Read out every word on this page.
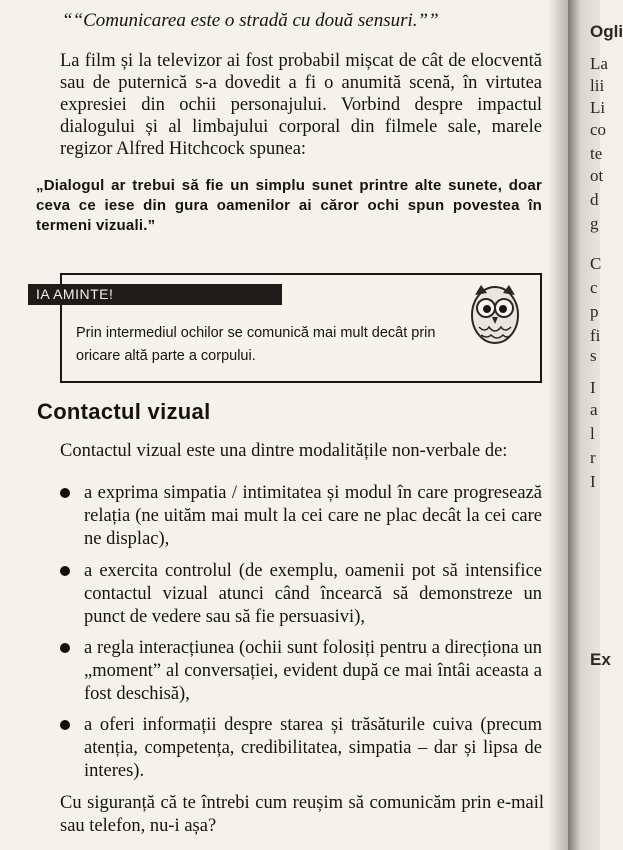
““Comunicarea este o stradă cu două sensuri.””
La film și la televizor ai fost probabil mișcat de cât de elocventă sau de puternică s-a dovedit a fi o anumită scenă, în virtutea expresiei din ochii personajului. Vorbind despre impactul dialogului și al limbajului corporal din filmele sale, marele regizor Alfred Hitchcock spunea:
„Dialogul ar trebui să fie un simplu sunet printre alte sunete, doar ceva ce iese din gura oamenilor ai căror ochi spun povestea în termeni vizuali.”
IA AMINTE!
Prin intermediul ochilor se comunică mai mult decât prin oricare altă parte a corpului.
Contactul vizual
Contactul vizual este una dintre modalitățile non-verbale de:
a exprima simpatia / intimitatea și modul în care progresează relația (ne uităm mai mult la cei care ne plac decât la cei care ne displac),
a exercita controlul (de exemplu, oamenii pot să intensifice contactul vizual atunci când încearcă să demonstreze un punct de vedere sau să fie persuasivi),
a regla interacțiunea (ochii sunt folosiți pentru a direcționa un „moment” al conversației, evident după ce mai întâi aceasta a fost deschisă),
a oferi informații despre starea și trăsăturile cuiva (precum atenția, competența, credibilitatea, simpatia – dar și lipsa de interes).
Cu siguranță că te întrebi cum reușim să comunicăm prin e-mail sau telefon, nu-i așa?
Ogli
La
lii
Li
co
te
ot
d
g
C
c
p
fi
s
I
a
l
r
I
Ex
